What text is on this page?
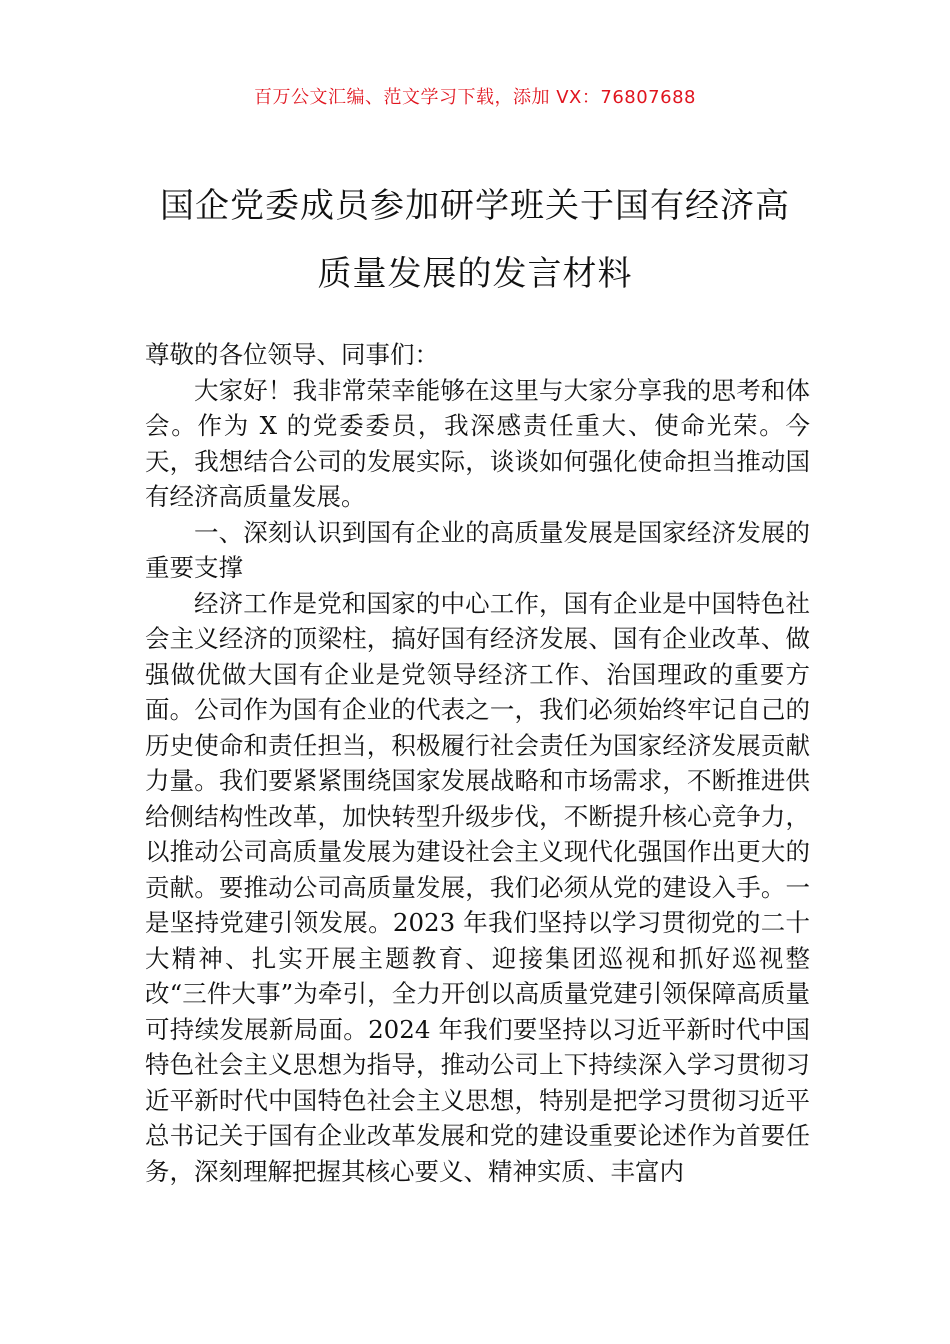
百万公文汇编、范文学习下载，添加 VX：76807688
国企党委成员参加研学班关于国有经济高
质量发展的发言材料

尊敬的各位领导、同事们：

大家好！我非常荣幸能够在这里与大家分享我的思考和体会。作为 X 的党委委员，我深感责任重大、使命光荣。今天，我想结合公司的发展实际，谈谈如何强化使命担当推动国有经济高质量发展。

一、深刻认识到国有企业的高质量发展是国家经济发展的重要支撑

经济工作是党和国家的中心工作，国有企业是中国特色社会主义经济的顶梁柱，搞好国有经济发展、国有企业改革、做强做优做大国有企业是党领导经济工作、治国理政的重要方面。公司作为国有企业的代表之一，我们必须始终牢记自己的历史使命和责任担当，积极履行社会责任为国家经济发展贡献力量。我们要紧紧围绕国家发展战略和市场需求，不断推进供给侧结构性改革，加快转型升级步伐，不断提升核心竞争力，以推动公司高质量发展为建设社会主义现代化强国作出更大的贡献。要推动公司高质量发展，我们必须从党的建设入手。一是坚持党建引领发展。2023 年我们坚持以学习贯彻党的二十大精神、扎实开展主题教育、迎接集团巡视和抓好巡视整改“三件大事”为牵引，全力开创以高质量党建引领保障高质量可持续发展新局面。2024 年我们要坚持以习近平新时代中国特色社会主义思想为指导，推动公司上下持续深入学习贯彻习近平新时代中国特色社会主义思想，特别是把学习贯彻习近平总书记关于国有企业改革发展和党的建设重要论述作为首要任务，深刻理解把握其核心要义、精神实质、丰富内
